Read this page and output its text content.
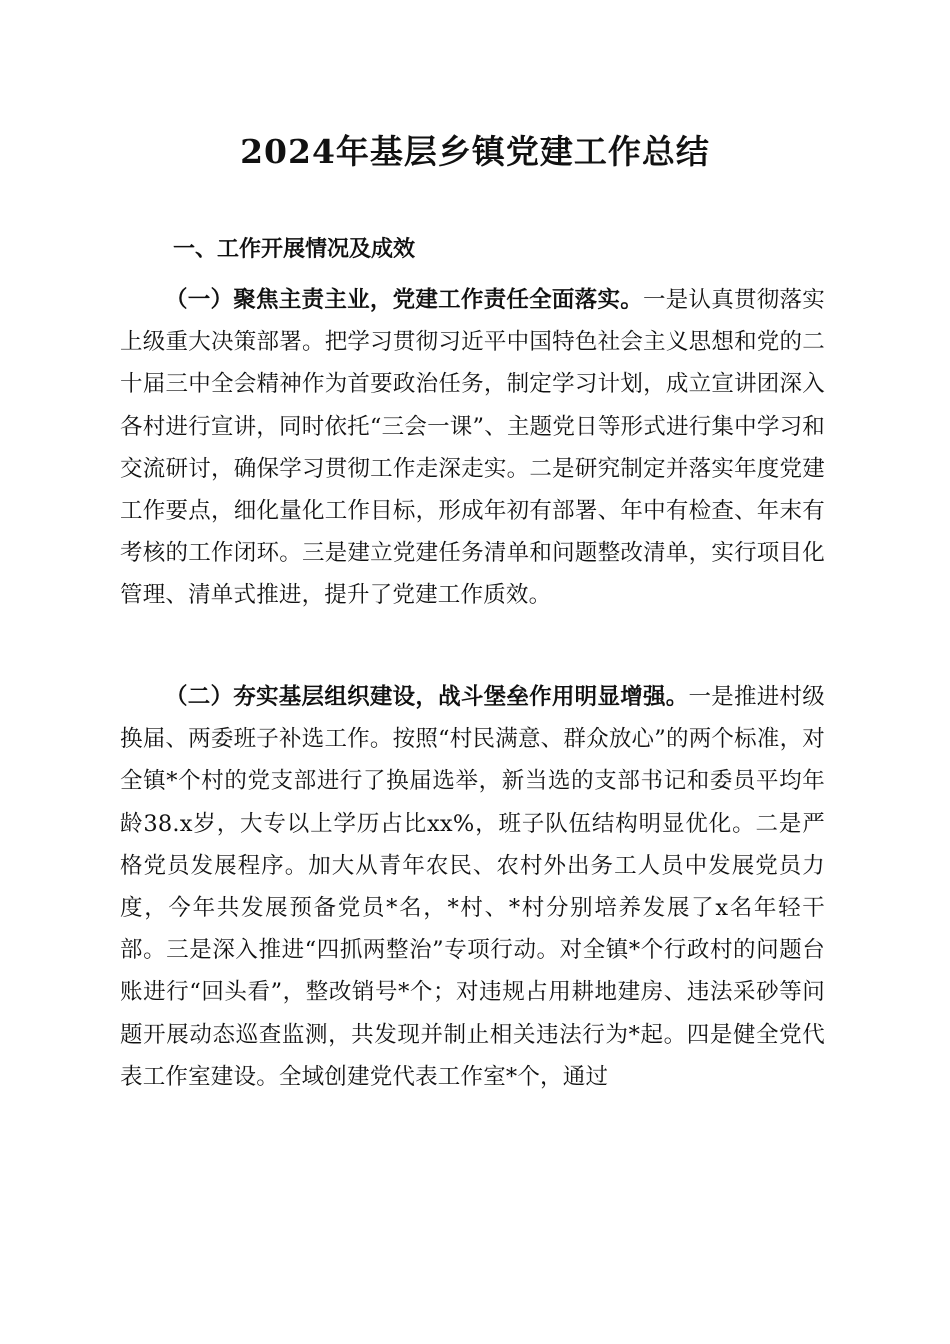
2024年基层乡镇党建工作总结
一、工作开展情况及成效

（一）聚焦主责主业，党建工作责任全面落实。一是认真贯彻落实上级重大决策部署。把学习贯彻习近平中国特色社会主义思想和党的二十届三中全会精神作为首要政治任务，制定学习计划，成立宣讲团深入各村进行宣讲，同时依托“三会一课”、主题党日等形式进行集中学习和交流研讨，确保学习贯彻工作走深走实。二是研究制定并落实年度党建工作要点，细化量化工作目标，形成年初有部署、年中有检查、年末有考核的工作闭环。三是建立党建任务清单和问题整改清单，实行项目化管理、清单式推进，提升了党建工作质效。

（二）夯实基层组织建设，战斗堡垒作用明显增强。一是推进村级换届、两委班子补选工作。按照“村民满意、群众放心”的两个标准，对全镇*个村的党支部进行了换届选举，新当选的支部书记和委员平均年龄38.x岁，大专以上学历占比xx%，班子队伍结构明显优化。二是严格党员发展程序。加大从青年农民、农村外出务工人员中发展党员力度，今年共发展预备党员*名，*村、*村分别培养发展了x名年轻干部。三是深入推进“四抓两整治”专项行动。对全镇*个行政村的问题台账进行“回头看”，整改销号*个；对违规占用耕地建房、违法采砂等问题开展动态巡查监测，共发现并制止相关违法行为*起。四是健全党代表工作室建设。全域创建党代表工作室*个，通过
